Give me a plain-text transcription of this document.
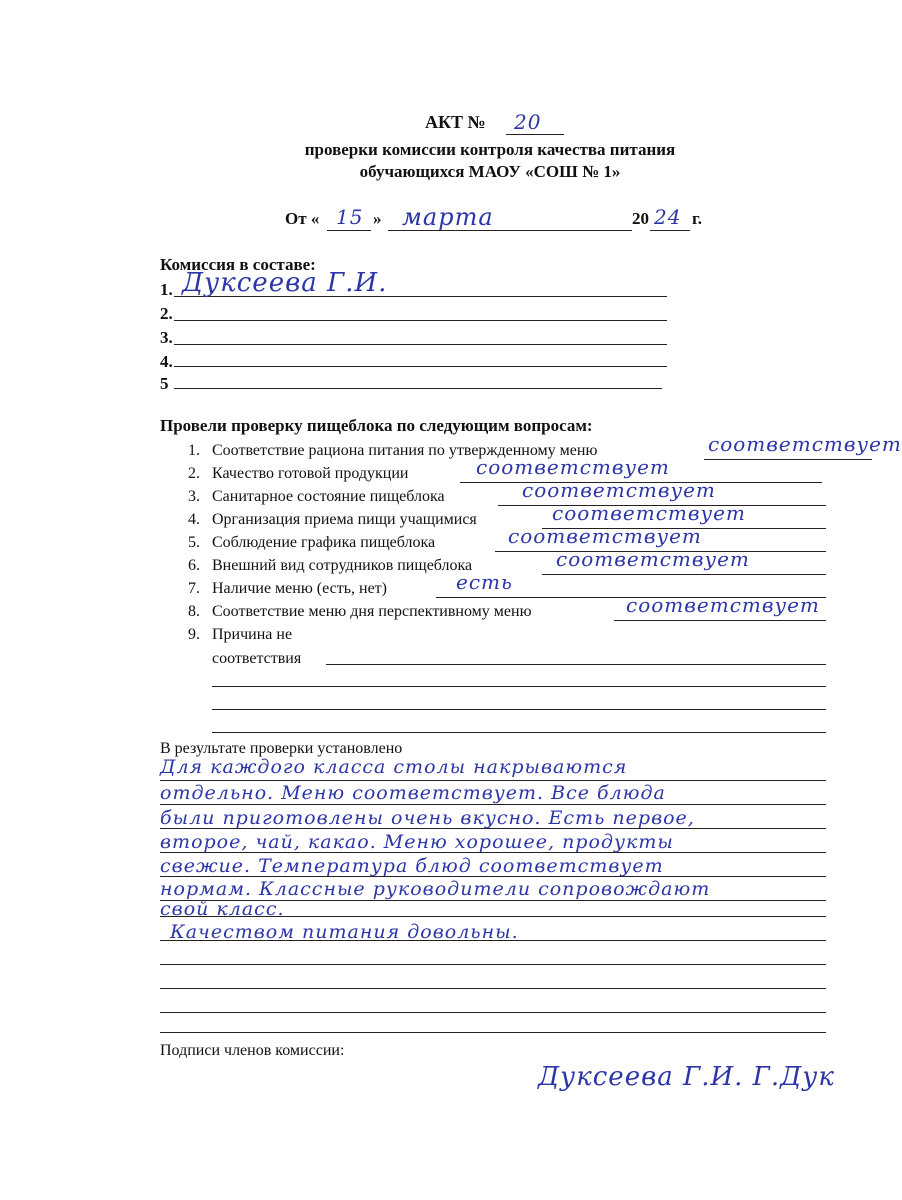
АКТ № 20
проверки комиссии контроля качества питания
обучающихся МАОУ «СОШ № 1»
От « 15 » марта	20 24 г.
Комиссия в составе:
1. Дуксеева Г.И.
2.
3.
4.
5
Провели проверку пищеблока по следующим вопросам:
1. Соответствие рациона питания по утвержденному меню	соответствует
2. Качество готовой продукции	соответствует
3. Санитарное состояние пищеблока	соответствует
4. Организация приема пищи учащимися	соответствует
5. Соблюдение графика пищеблока	соответствует
6. Внешний вид сотрудников пищеблока	соответствует
7. Наличие меню (есть, нет)	есть
8. Соответствие меню дня перспективному меню	соответствует
9. Причина не
соответствия
В результате проверки установлено
Для каждого класса столы накрываются
отдельно. Меню соответствует. Все блюда
были приготовлены очень вкусно. Есть первое,
второе, чай, какао. Меню хорошее, продукты
свежие. Температура блюд соответствует
нормам. Классные руководители сопровождают
свой класс.
Качеством питания довольны.
Подписи членов комиссии:
Дуксеева Г.И. Г.Дук
